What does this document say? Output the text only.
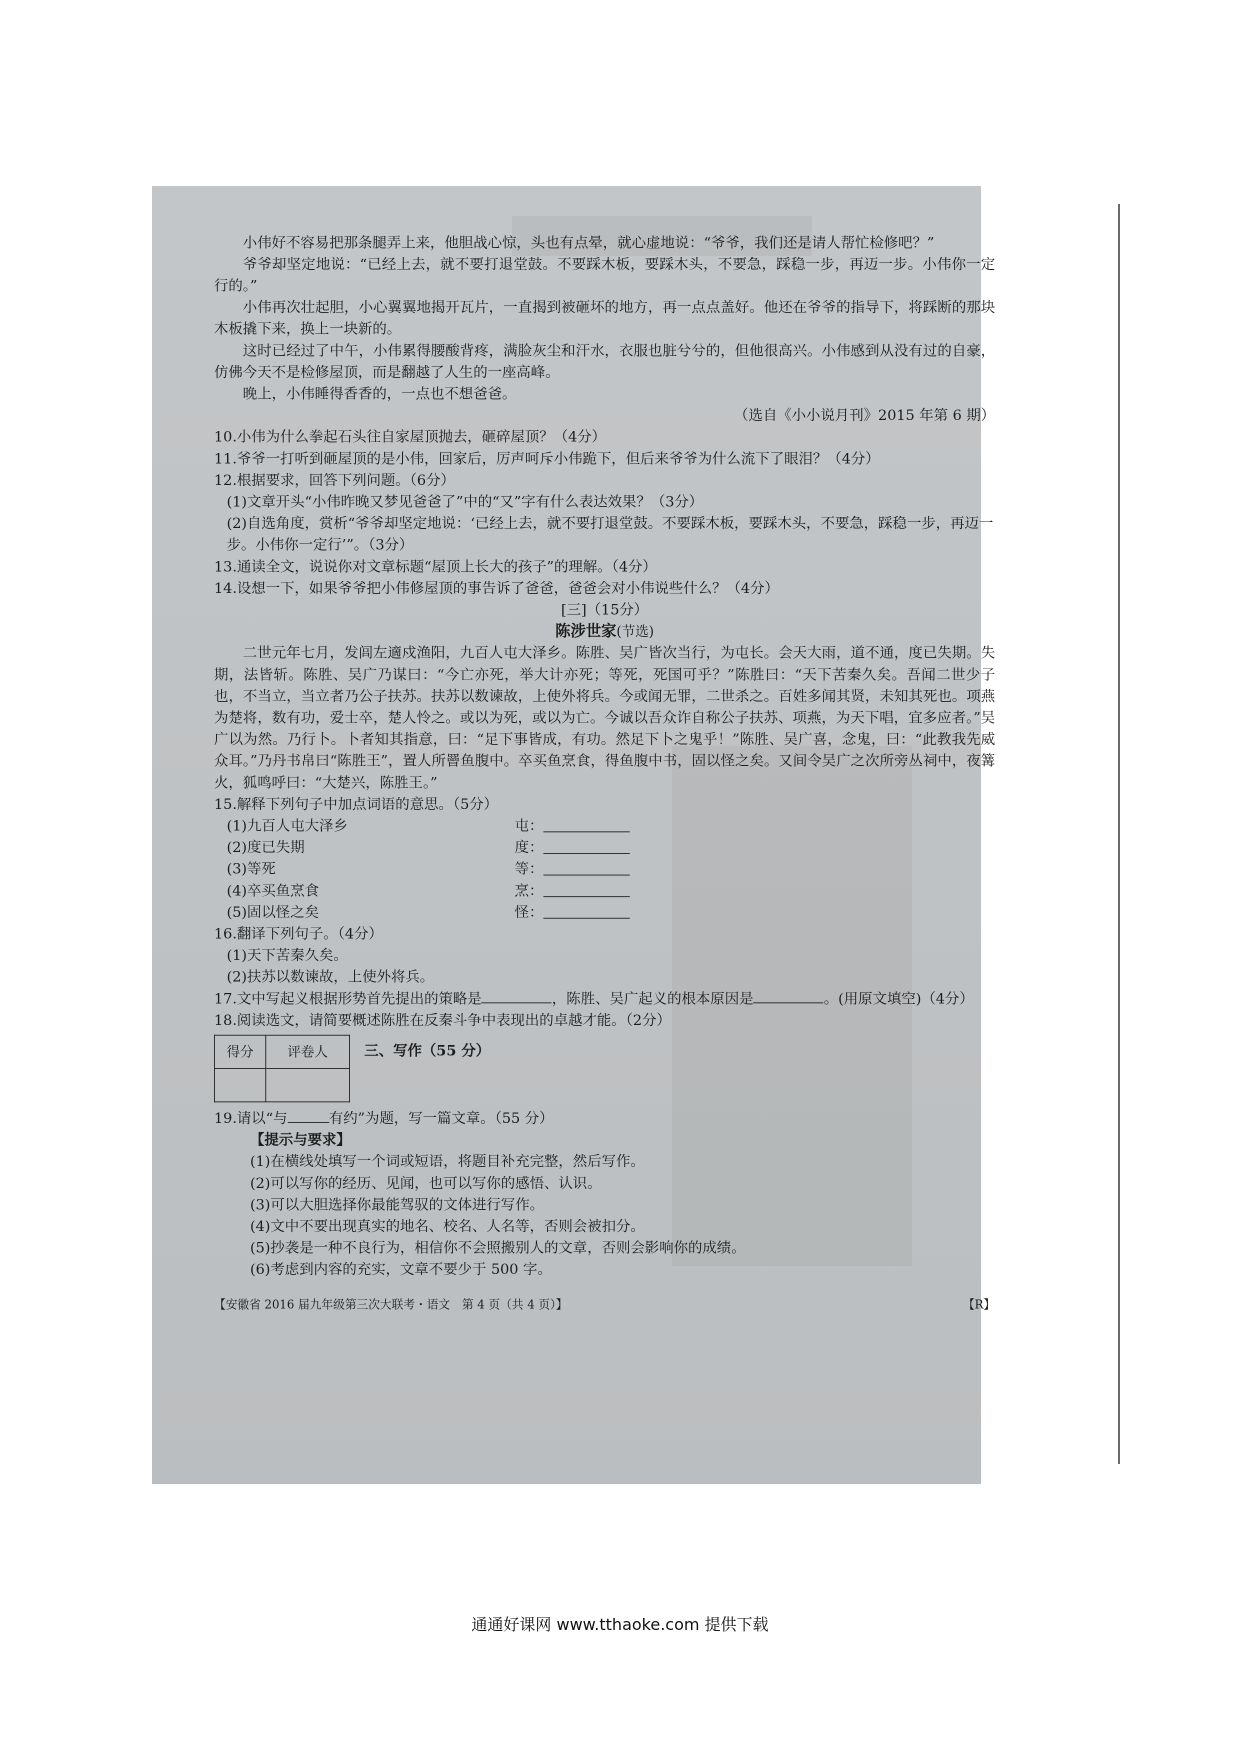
小伟好不容易把那条腿弄上来，他胆战心惊，头也有点晕，就心虚地说：“爷爷，我们还是请人帮忙检修吧？”

爷爷却坚定地说：“已经上去，就不要打退堂鼓。不要踩木板，要踩木头，不要急，踩稳一步，再迈一步。小伟你一定行的。”

小伟再次壮起胆，小心翼翼地揭开瓦片，一直揭到被砸坏的地方，再一点点盖好。他还在爷爷的指导下，将踩断的那块木板撬下来，换上一块新的。

这时已经过了中午，小伟累得腰酸背疼，满脸灰尘和汗水，衣服也脏兮兮的，但他很高兴。小伟感到从没有过的自豪，仿佛今天不是检修屋顶，而是翻越了人生的一座高峰。

晚上，小伟睡得香香的，一点也不想爸爸。

（选自《小小说月刊》2015 年第 6 期）

10.小伟为什么拳起石头往自家屋顶抛去，砸碎屋顶？（4分）

11.爷爷一打听到砸屋顶的是小伟，回家后，厉声呵斥小伟跪下，但后来爷爷为什么流下了眼泪？（4分）

12.根据要求，回答下列问题。（6分）

(1)文章开头“小伟昨晚又梦见爸爸了”中的“又”字有什么表达效果？（3分）

(2)自选角度，赏析“爷爷却坚定地说：‘已经上去，就不要打退堂鼓。不要踩木板，要踩木头，不要急，踩稳一步，再迈一步。小伟你一定行’”。（3分）

13.通读全文，说说你对文章标题“屋顶上长大的孩子”的理解。（4分）

14.设想一下，如果爷爷把小伟修屋顶的事告诉了爸爸，爸爸会对小伟说些什么？（4分）

[三]（15分）

陈涉世家(节选)

二世元年七月，发闾左適戍渔阳，九百人屯大泽乡。陈胜、吴广皆次当行，为屯长。会天大雨，道不通，度已失期。失期，法皆斩。陈胜、吴广乃谋曰：“今亡亦死，举大计亦死；等死，死国可乎？”陈胜曰：“天下苦秦久矣。吾闻二世少子也，不当立，当立者乃公子扶苏。扶苏以数谏故，上使外将兵。今或闻无罪，二世杀之。百姓多闻其贤，未知其死也。项燕为楚将，数有功，爱士卒，楚人怜之。或以为死，或以为亡。今诚以吾众诈自称公子扶苏、项燕，为天下唱，宜多应者。”吴广以为然。乃行卜。卜者知其指意，曰：“足下事皆成，有功。然足下卜之鬼乎！”陈胜、吴广喜，念鬼，曰：“此教我先威众耳。”乃丹书帛曰“陈胜王”，置人所罾鱼腹中。卒买鱼烹食，得鱼腹中书，固以怪之矣。又间令吴广之次所旁丛祠中，夜篝火，狐鸣呼曰：“大楚兴，陈胜王。”

15.解释下列句子中加点词语的意思。（5分）

(1)九百人屯大泽乡	屯：
(2)度已失期	度：
(3)等死	等：
(4)卒买鱼烹食	烹：
(5)固以怪之矣	怪：

16.翻译下列句子。（4分）

(1)天下苦秦久矣。

(2)扶苏以数谏故，上使外将兵。

17.文中写起义根据形势首先提出的策略是	，陈胜、吴广起义的根本原因是	。(用原文填空)（4分）

18.阅读选文，请简要概述陈胜在反秦斗争中表现出的卓越才能。（2分）

得分	评卷人
	三、写作（55 分）

19.请以“与	有约”为题，写一篇文章。（55 分）

【提示与要求】

(1)在横线处填写一个词或短语，将题目补充完整，然后写作。

(2)可以写你的经历、见闻，也可以写你的感悟、认识。

(3)可以大胆选择你最能驾驭的文体进行写作。

(4)文中不要出现真实的地名、校名、人名等，否则会被扣分。

(5)抄袭是一种不良行为，相信你不会照搬别人的文章，否则会影响你的成绩。

(6)考虑到内容的充实，文章不要少于 500 字。

【安徽省 2016 届九年级第三次大联考・语文　第 4 页（共 4 页）】	【R】
通通好课网 www.tthaoke.com 提供下载
